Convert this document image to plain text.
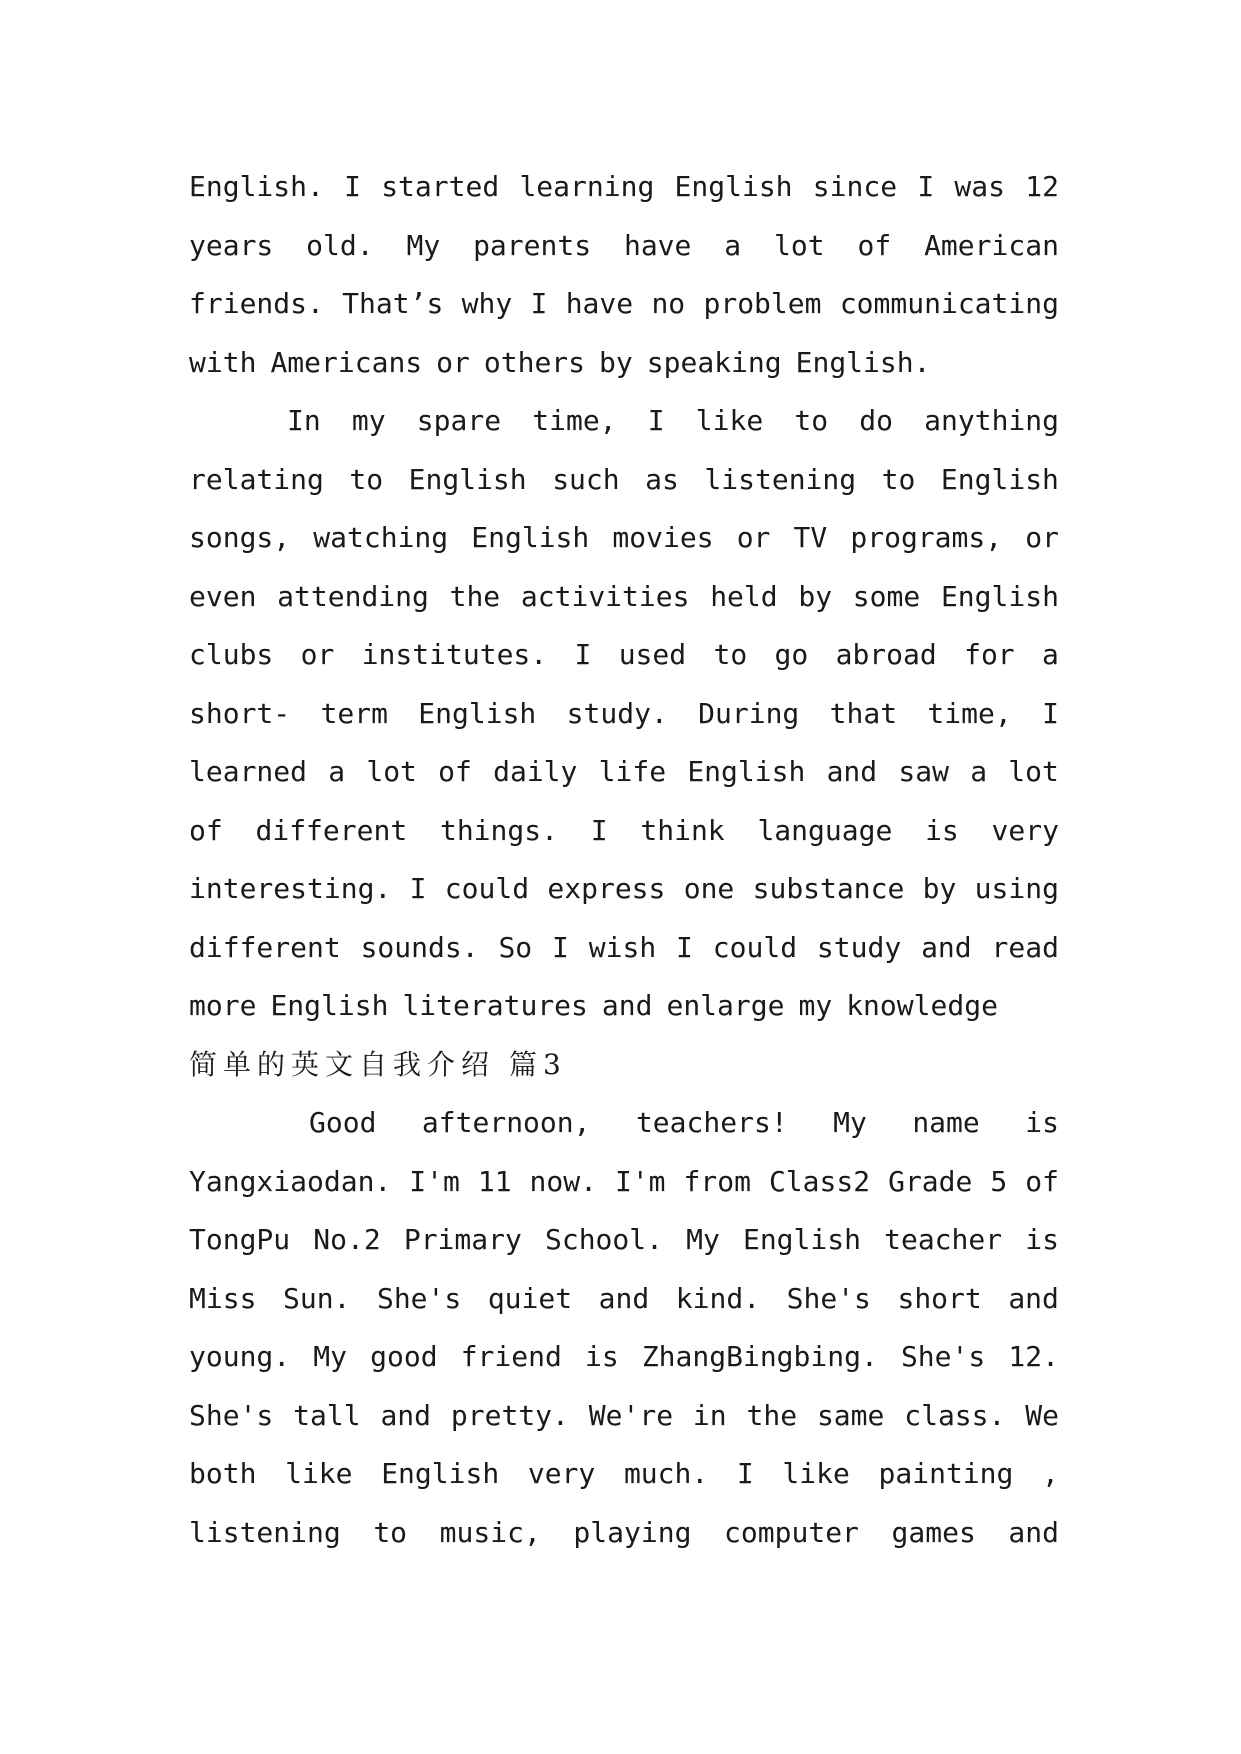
English. I started learning English since I was 12
years old. My parents have a lot of American
friends. That’s why I have no problem communicating
with Americans or others by speaking English.
In my spare time, I like to do anything
relating to English such as listening to English
songs, watching English movies or TV programs, or
even attending the activities held by some English
clubs or institutes. I used to go abroad for a
short- term English study. During that time, I
learned a lot of daily life English and saw a lot
of different things. I think language is very
interesting. I could express one substance by using
different sounds. So I wish I could study and read
more English literatures and enlarge my knowledge
简单的英文自我介绍 篇3
Good afternoon, teachers! My name is
Yangxiaodan. I'm 11 now. I'm from Class2 Grade 5 of
TongPu No.2 Primary School. My English teacher is
Miss Sun. She's quiet and kind. She's short and
young. My good friend is ZhangBingbing. She's 12.
She's tall and pretty. We're in the same class. We
both like English very much. I like painting ,
listening to music, playing computer games and
